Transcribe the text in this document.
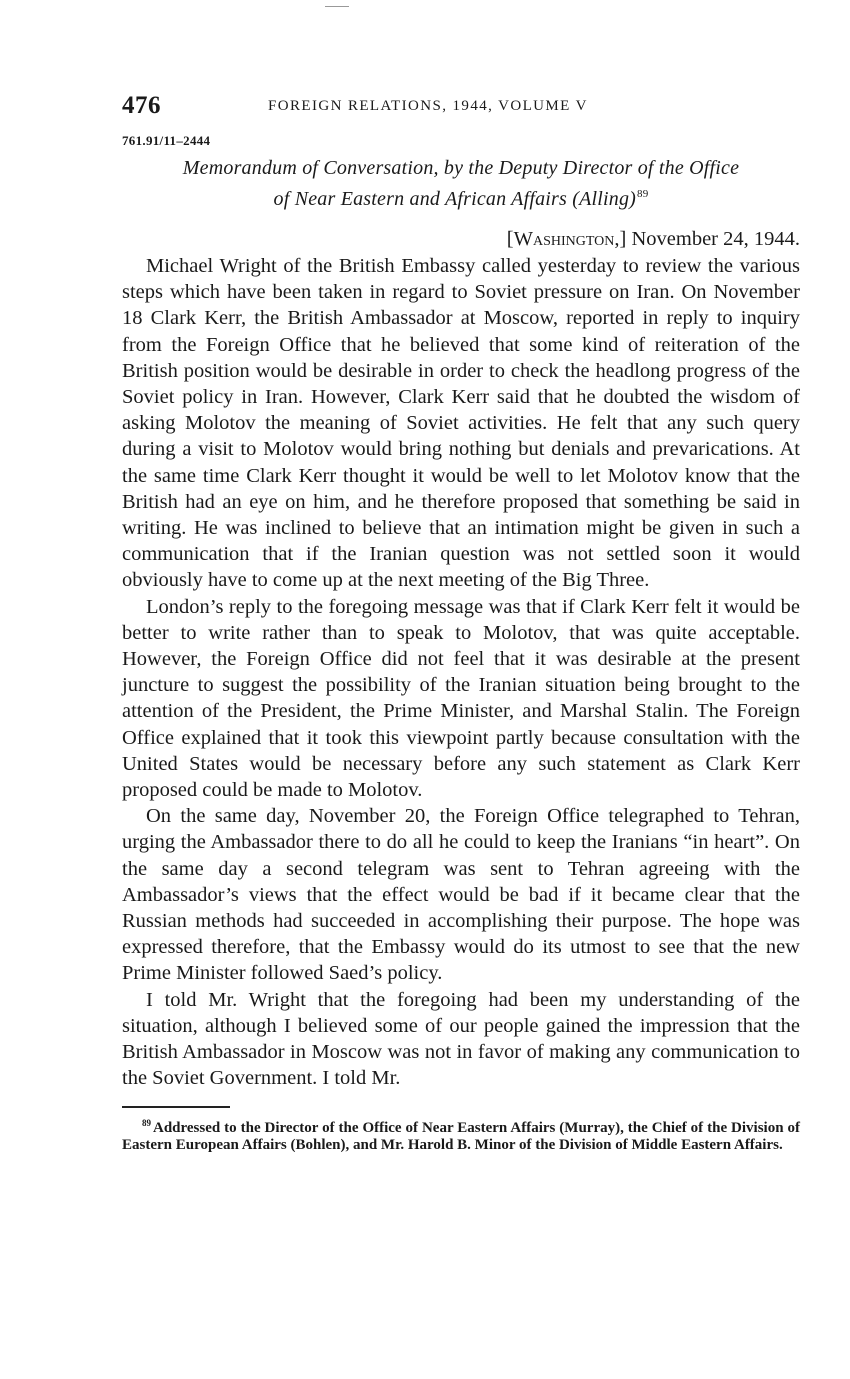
476	FOREIGN RELATIONS, 1944, VOLUME V
761.91/11–2444
Memorandum of Conversation, by the Deputy Director of the Office
of Near Eastern and African Affairs (Alling)$^{89}$
[Washington,] November 24, 1944.

Michael Wright of the British Embassy called yesterday to review the various steps which have been taken in regard to Soviet pressure on Iran. On November 18 Clark Kerr, the British Ambassador at Moscow, reported in reply to inquiry from the Foreign Office that he believed that some kind of reiteration of the British position would be desirable in order to check the headlong progress of the Soviet policy in Iran. However, Clark Kerr said that he doubted the wisdom of asking Molotov the meaning of Soviet activities. He felt that any such query during a visit to Molotov would bring nothing but denials and prevarications. At the same time Clark Kerr thought it would be well to let Molotov know that the British had an eye on him, and he therefore proposed that something be said in writing. He was inclined to believe that an intimation might be given in such a communication that if the Iranian question was not settled soon it would obviously have to come up at the next meeting of the Big Three.

London’s reply to the foregoing message was that if Clark Kerr felt it would be better to write rather than to speak to Molotov, that was quite acceptable. However, the Foreign Office did not feel that it was desirable at the present juncture to suggest the possibility of the Iranian situation being brought to the attention of the President, the Prime Minister, and Marshal Stalin. The Foreign Office explained that it took this viewpoint partly because consultation with the United States would be necessary before any such statement as Clark Kerr proposed could be made to Molotov.

On the same day, November 20, the Foreign Office telegraphed to Tehran, urging the Ambassador there to do all he could to keep the Iranians “in heart”. On the same day a second telegram was sent to Tehran agreeing with the Ambassador’s views that the effect would be bad if it became clear that the Russian methods had succeeded in accomplishing their purpose. The hope was expressed therefore, that the Embassy would do its utmost to see that the new Prime Minister followed Saed’s policy.

I told Mr. Wright that the foregoing had been my understanding of the situation, although I believed some of our people gained the impression that the British Ambassador in Moscow was not in favor of making any communication to the Soviet Government. I told Mr.

$^{89}$ Addressed to the Director of the Office of Near Eastern Affairs (Murray), the Chief of the Division of Eastern European Affairs (Bohlen), and Mr. Harold B. Minor of the Division of Middle Eastern Affairs.
